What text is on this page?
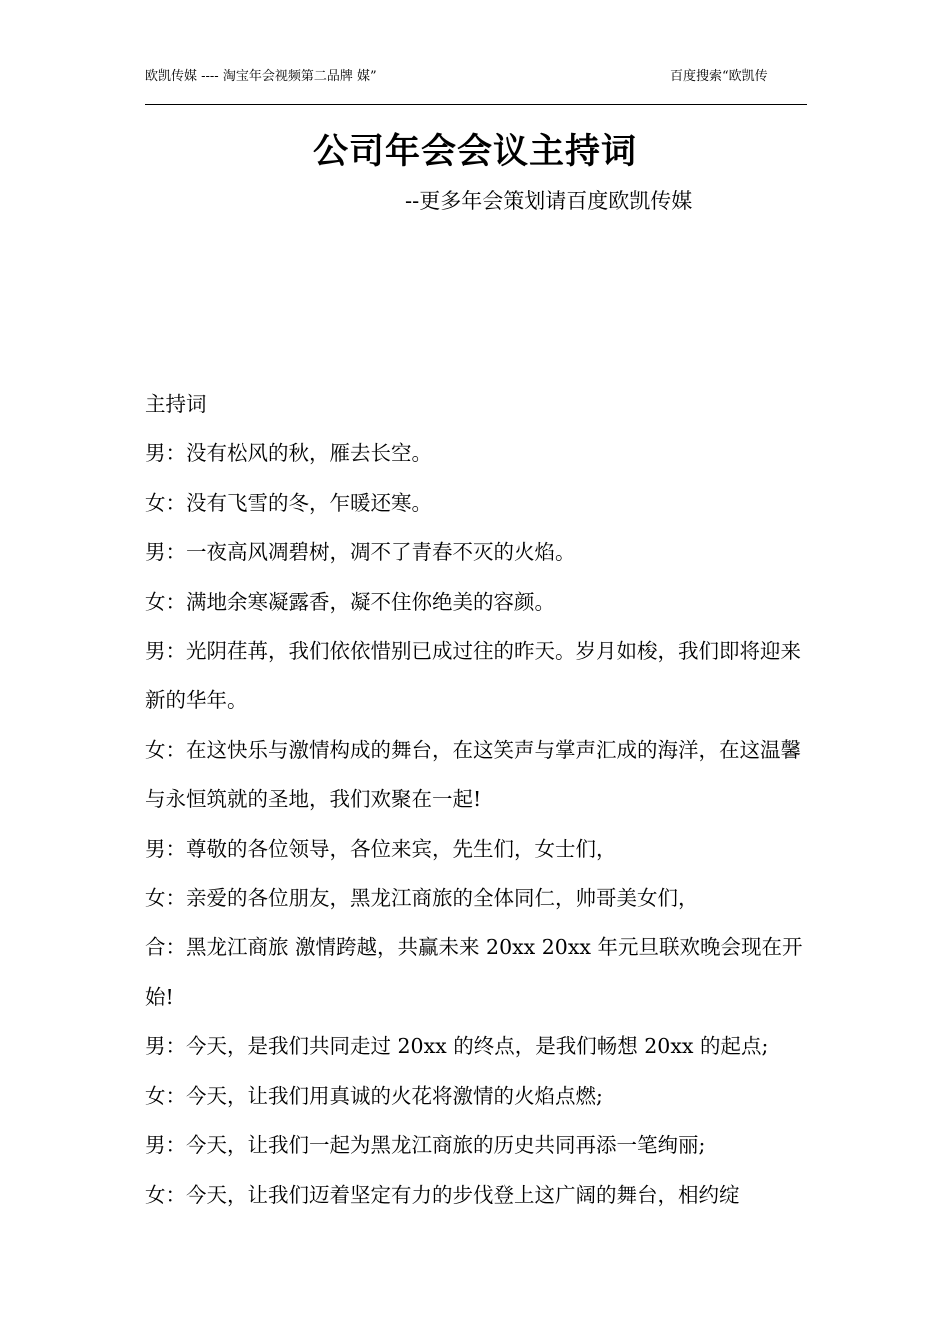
欧凯传媒 ---- 淘宝年会视频第二品牌 媒”	百度搜索“欧凯传
公司年会会议主持词
--更多年会策划请百度欧凯传媒

主持词

男：没有松风的秋，雁去长空。

女：没有飞雪的冬，乍暖还寒。

男：一夜高风凋碧树，凋不了青春不灭的火焰。

女：满地余寒凝露香，凝不住你绝美的容颜。

男：光阴荏苒，我们依依惜别已成过往的昨天。岁月如梭，我们即将迎来新的华年。

女：在这快乐与激情构成的舞台，在这笑声与掌声汇成的海洋，在这温馨与永恒筑就的圣地，我们欢聚在一起!

男：尊敬的各位领导，各位来宾，先生们，女士们，

女：亲爱的各位朋友，黑龙江商旅的全体同仁，帅哥美女们，

合：黑龙江商旅 激情跨越，共赢未来 20xx 20xx 年元旦联欢晚会现在开始!

男：今天，是我们共同走过 20xx 的终点，是我们畅想 20xx 的起点;

女：今天，让我们用真诚的火花将激情的火焰点燃;

男：今天，让我们一起为黑龙江商旅的历史共同再添一笔绚丽;

女：今天，让我们迈着坚定有力的步伐登上这广阔的舞台，相约绽
